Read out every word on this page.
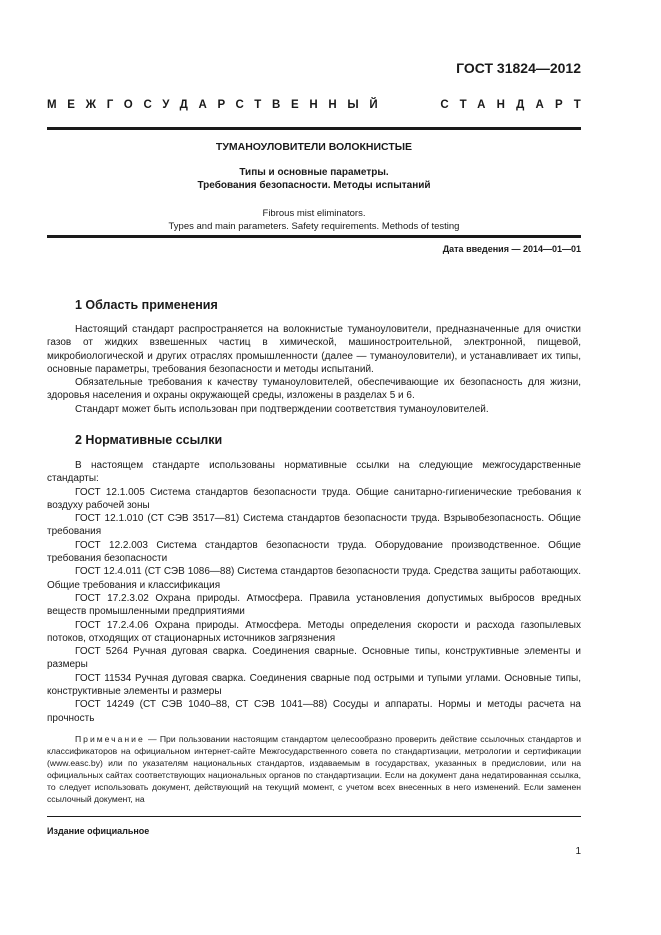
ГОСТ 31824—2012
МЕЖГОСУДАРСТВЕННЫЙ	СТАНДАРТ
ТУМАНОУЛОВИТЕЛИ ВОЛОКНИСТЫЕ
Типы и основные параметры.
Требования безопасности. Методы испытаний
Fibrous mist eliminators.
Types and main parameters. Safety requirements. Methods of testing
Дата введения — 2014—01—01
1 Область применения

Настоящий стандарт распространяется на волокнистые туманоуловители, предназначенные для очистки газов от жидких взвешенных частиц в химической, машиностроительной, электронной, пищевой, микробиологической и других отраслях промышленности (далее — туманоуловители), и устанавливает их типы, основные параметры, требования безопасности и методы испытаний.

Обязательные требования к качеству туманоуловителей, обеспечивающие их безопасность для жизни, здоровья населения и охраны окружающей среды, изложены в разделах 5 и 6.

Стандарт может быть использован при подтверждении соответствия туманоуловителей.

2 Нормативные ссылки

В настоящем стандарте использованы нормативные ссылки на следующие межгосударственные стандарты:

ГОСТ 12.1.005 Система стандартов безопасности труда. Общие санитарно-гигиенические требования к воздуху рабочей зоны

ГОСТ 12.1.010 (СТ СЭВ 3517—81) Система стандартов безопасности труда. Взрывобезопасность. Общие требования

ГОСТ 12.2.003 Система стандартов безопасности труда. Оборудование производственное. Общие требования безопасности

ГОСТ 12.4.011 (СТ СЭВ 1086—88) Система стандартов безопасности труда. Средства защиты работающих. Общие требования и классификация

ГОСТ 17.2.3.02 Охрана природы. Атмосфера. Правила установления допустимых выбросов вредных веществ промышленными предприятиями

ГОСТ 17.2.4.06 Охрана природы. Атмосфера. Методы определения скорости и расхода газопылевых потоков, отходящих от стационарных источников загрязнения

ГОСТ 5264 Ручная дуговая сварка. Соединения сварные. Основные типы, конструктивные элементы и размеры

ГОСТ 11534 Ручная дуговая сварка. Соединения сварные под острыми и тупыми углами. Основные типы, конструктивные элементы и размеры

ГОСТ 14249 (СТ СЭВ 1040–88, СТ СЭВ 1041—88) Сосуды и аппараты. Нормы и методы расчета на прочность

Примечание — При пользовании настоящим стандартом целесообразно проверить действие ссылочных стандартов и классификаторов на официальном интернет-сайте Межгосударственного совета по стандартизации, метрологии и сертификации (www.easc.by) или по указателям национальных стандартов, издаваемым в государствах, указанных в предисловии, или на официальных сайтах соответствующих национальных органов по стандартизации. Если на документ дана недатированная ссылка, то следует использовать документ, действующий на текущий момент, с учетом всех внесенных в него изменений. Если заменен ссылочный документ, на

Издание официальное
1
